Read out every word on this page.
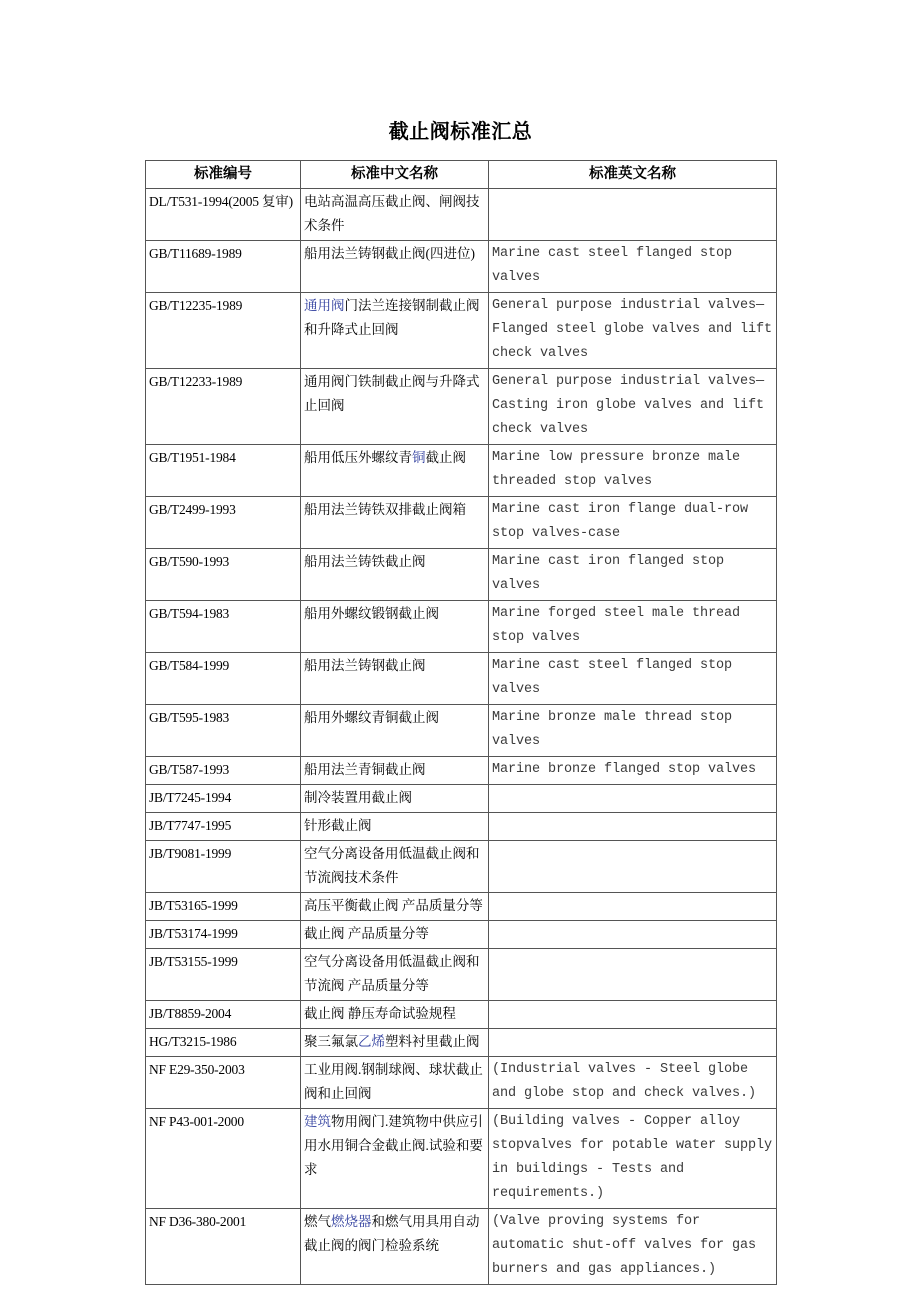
截止阀标准汇总
标准编号	标准中文名称	标准英文名称
DL/T531-1994(2005 复审)	电站高温高压截止阀、闸阀技术条件	
GB/T11689-1989	船用法兰铸钢截止阀(四进位)	Marine cast steel flanged stop valves
GB/T12235-1989	通用阀门法兰连接钢制截止阀和升降式止回阀	General purpose industrial valves—Flanged steel globe valves and lift check valves
GB/T12233-1989	通用阀门铁制截止阀与升降式止回阀	General purpose industrial valves—Casting iron globe valves and lift check valves
GB/T1951-1984	船用低压外螺纹青铜截止阀	Marine low pressure bronze male threaded stop valves
GB/T2499-1993	船用法兰铸铁双排截止阀箱	Marine cast iron flange dual-row stop valves-case
GB/T590-1993	船用法兰铸铁截止阀	Marine cast iron flanged stop valves
GB/T594-1983	船用外螺纹锻钢截止阀	Marine forged steel male thread stop valves
GB/T584-1999	船用法兰铸钢截止阀	Marine cast steel flanged stop valves
GB/T595-1983	船用外螺纹青铜截止阀	Marine bronze male thread stop valves
GB/T587-1993	船用法兰青铜截止阀	Marine bronze flanged stop valves
JB/T7245-1994	制冷装置用截止阀	
JB/T7747-1995	针形截止阀	
JB/T9081-1999	空气分离设备用低温截止阀和节流阀技术条件	
JB/T53165-1999	高压平衡截止阀 产品质量分等	
JB/T53174-1999	截止阀 产品质量分等	
JB/T53155-1999	空气分离设备用低温截止阀和节流阀 产品质量分等	
JB/T8859-2004	截止阀 静压寿命试验规程	
HG/T3215-1986	聚三氟氯乙烯塑料衬里截止阀	
NF E29-350-2003	工业用阀.钢制球阀、球状截止阀和止回阀	(Industrial valves - Steel globe and globe stop and check valves.)
NF P43-001-2000	建筑物用阀门.建筑物中供应引用水用铜合金截止阀.试验和要求	(Building valves - Copper alloy stopvalves for potable water supply in buildings - Tests and requirements.)
NF D36-380-2001	燃气燃烧器和燃气用具用自动截止阀的阀门检验系统	(Valve proving systems for automatic shut-off valves for gas burners and gas appliances.)
